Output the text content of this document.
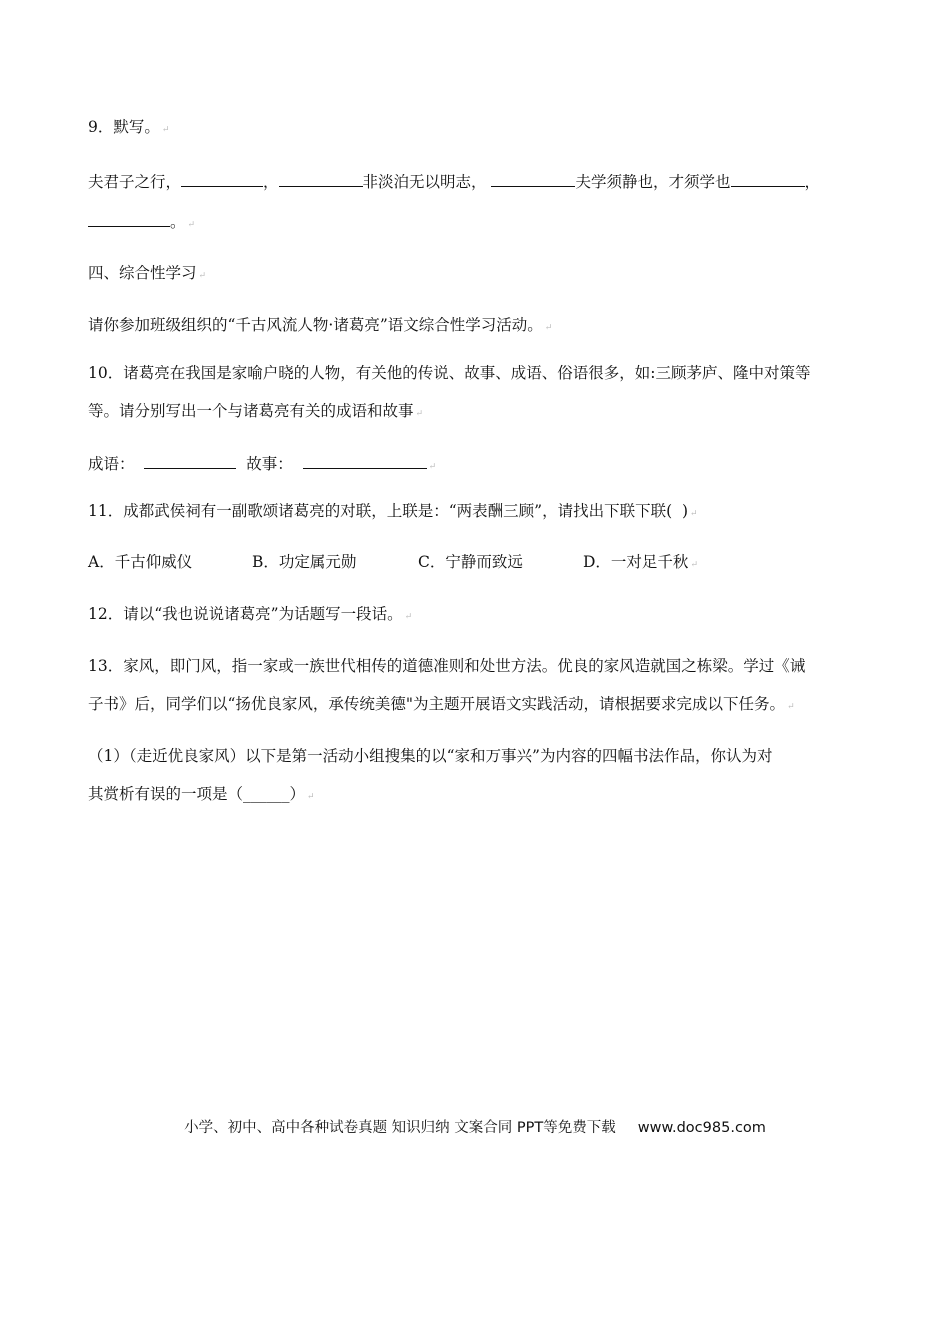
9．默写。 ↵
夫君子之行，	，	非淡泊无以明志，	夫学须静也，才须学也	，
。 ↵
四、综合性学习 ↵
请你参加班级组织的“千古风流人物·诸葛亮”语文综合性学习活动。 ↵
10．诸葛亮在我国是家喻户晓的人物，有关他的传说、故事、成语、俗语很多，如:三顾茅庐、隆中对策等
等。请分别写出一个与诸葛亮有关的成语和故事 ↵
成语：	故事：	↵
11．成都武侯祠有一副歌颂诸葛亮的对联，上联是：“两表酬三顾”，请找出下联下联( ) ↵
A．千古仰威仪	B．功定属元勋	C．宁静而致远	D．一对足千秋 ↵
12．请以“我也说说诸葛亮”为话题写一段话。 ↵
13．家风，即门风，指一家或一族世代相传的道德准则和处世方法。优良的家风造就国之栋梁。学过《诫
子书》后，同学们以“扬优良家风，承传统美德"为主题开展语文实践活动，请根据要求完成以下任务。 ↵
（1）（走近优良家风）以下是第一活动小组搜集的以“家和万事兴”为内容的四幅书法作品，你认为对
其赏析有误的一项是（______） ↵
小学、初中、高中各种试卷真题 知识归纳 文案合同 PPT等免费下载 www.doc985.com
